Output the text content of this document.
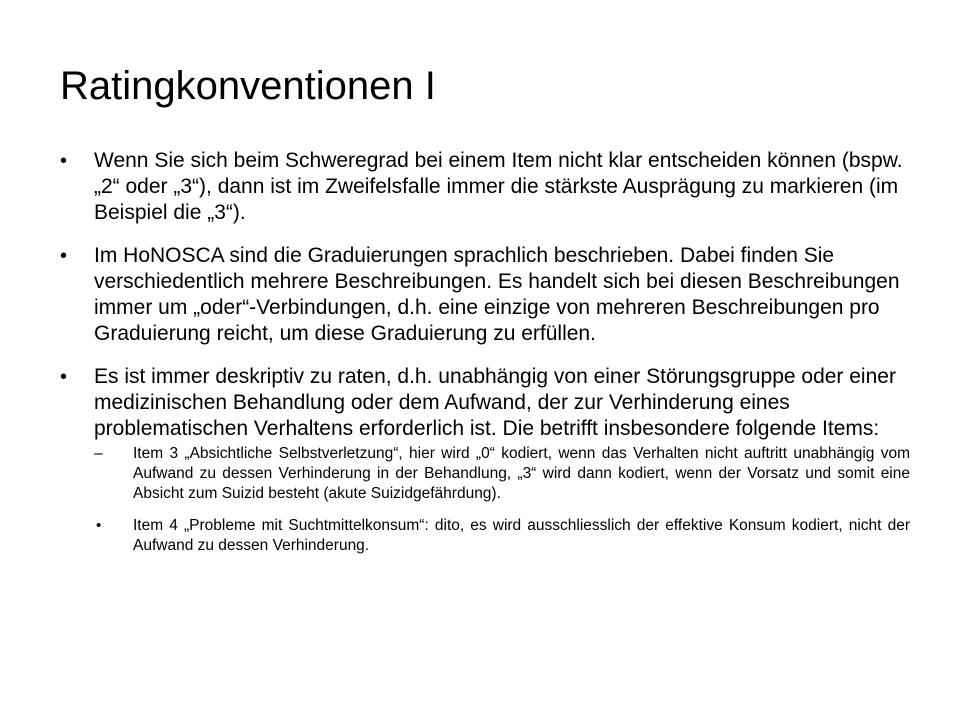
Ratingkonventionen I
•	Wenn Sie sich beim Schweregrad bei einem Item nicht klar entscheiden können (bspw. „2“ oder „3“), dann ist im Zweifelsfalle immer die stärkste Ausprägung zu markieren (im Beispiel die „3“).
•	Im HoNOSCA sind die Graduierungen sprachlich beschrieben. Dabei finden Sie verschiedentlich mehrere Beschreibungen. Es handelt sich bei diesen Beschreibungen immer um „oder“-Verbindungen, d.h. eine einzige von mehreren Beschreibungen pro Graduierung reicht, um diese Graduierung zu erfüllen.
•	Es ist immer deskriptiv zu raten, d.h. unabhängig von einer Störungsgruppe oder einer medizinischen Behandlung oder dem Aufwand, der zur Verhinderung eines problematischen Verhaltens erforderlich ist. Die betrifft insbesondere folgende Items:
–	Item 3 „Absichtliche Selbstverletzung“, hier wird „0“ kodiert, wenn das Verhalten nicht auftritt unabhängig vom Aufwand zu dessen Verhinderung in der Behandlung, „3“ wird dann kodiert, wenn der Vorsatz und somit eine Absicht zum Suizid besteht (akute Suizidgefährdung).
•	Item 4 „Probleme mit Suchtmittelkonsum“: dito, es wird ausschliesslich der effektive Konsum kodiert, nicht der Aufwand zu dessen Verhinderung.
